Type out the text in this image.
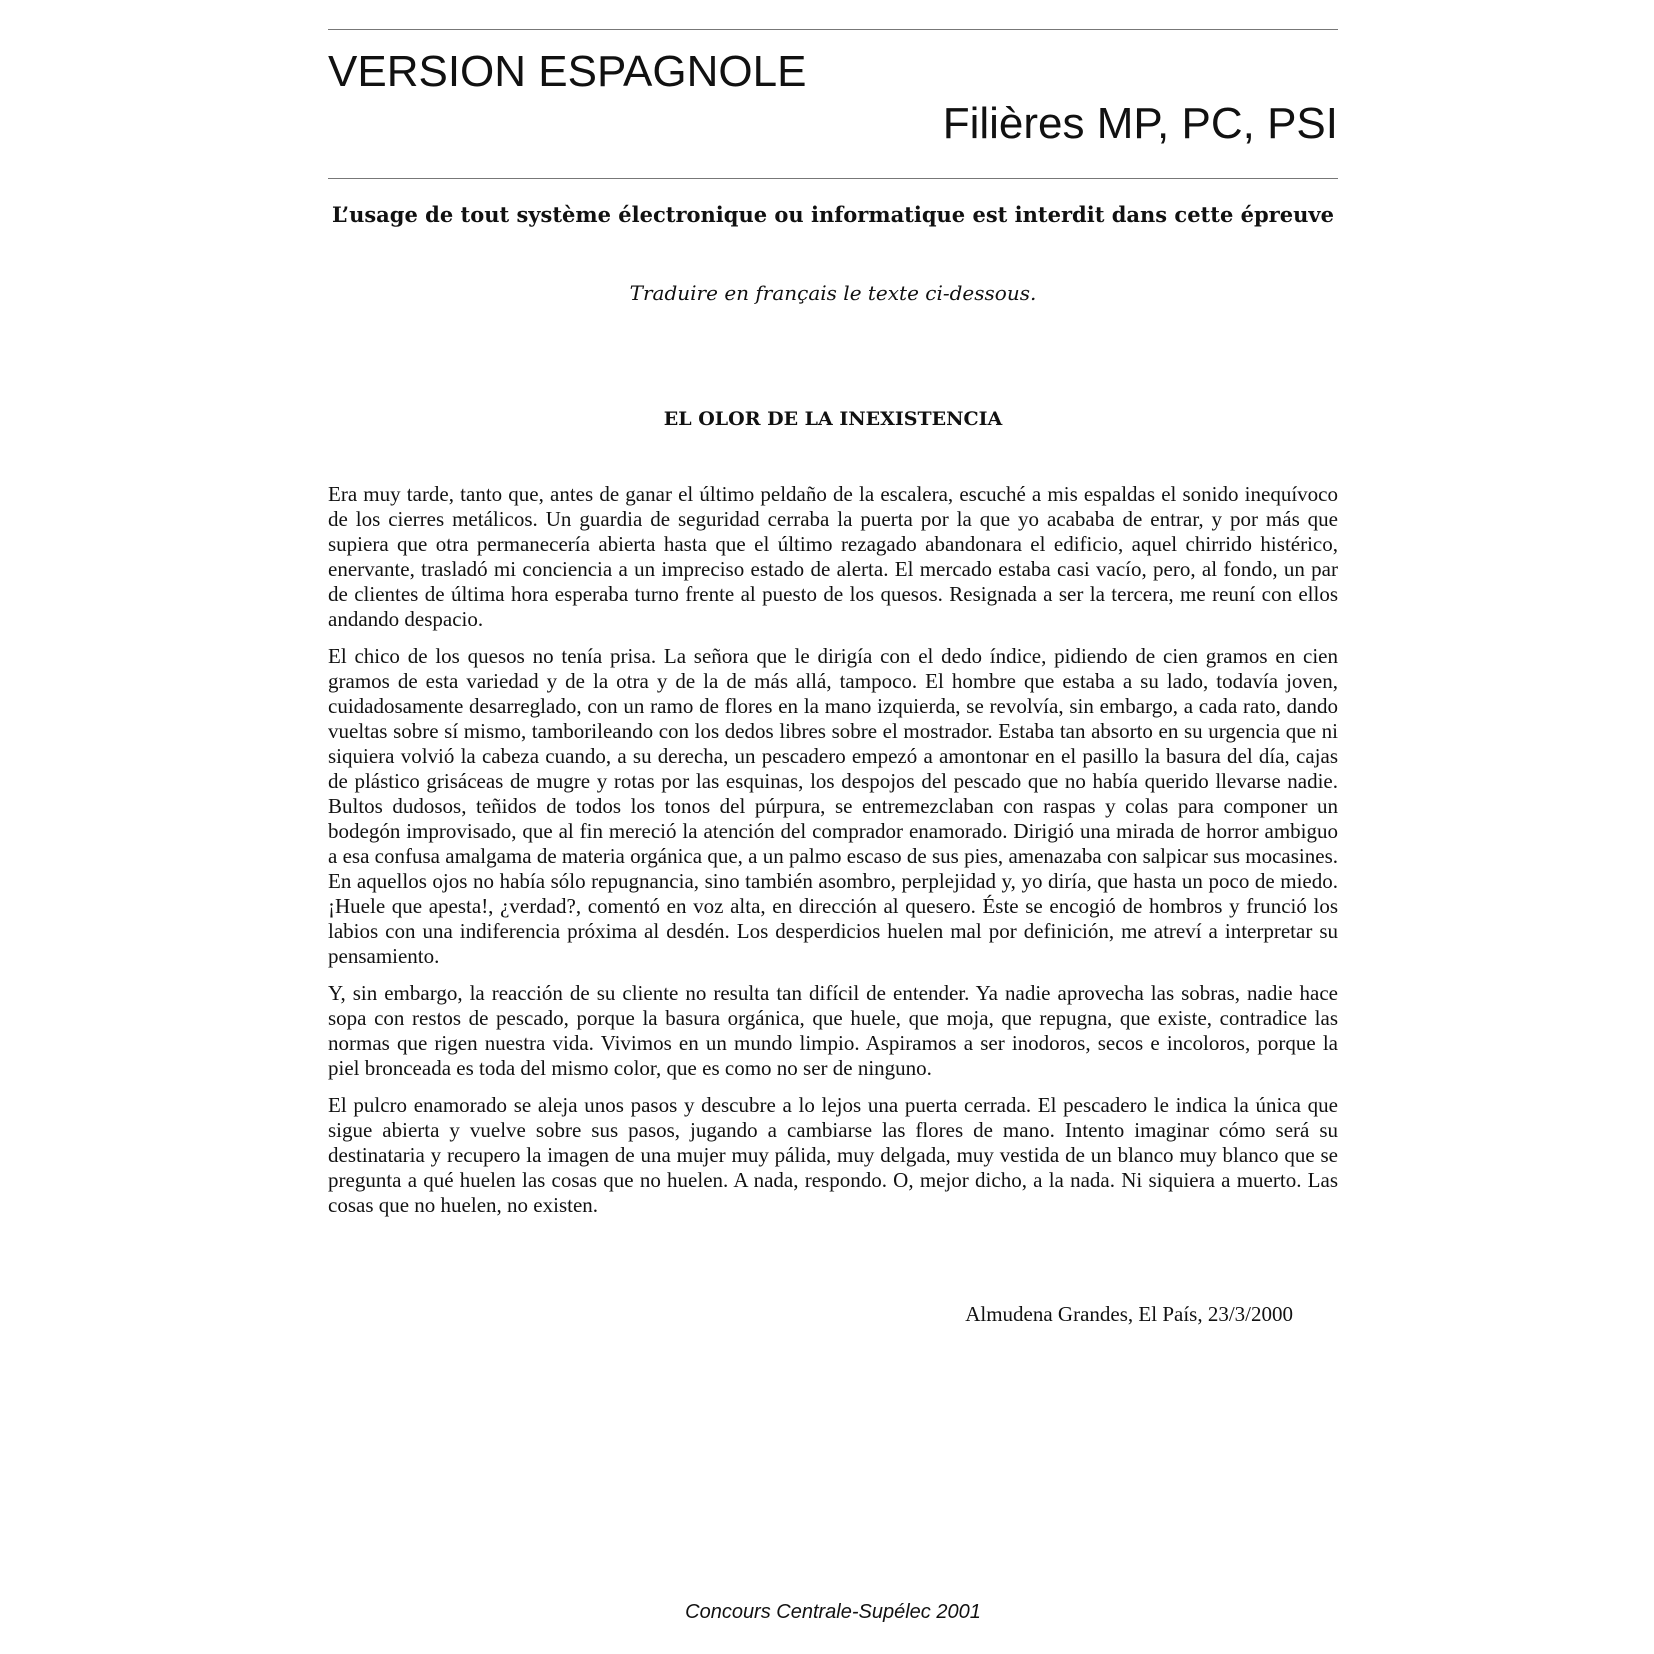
VERSION ESPAGNOLE
Filières MP, PC, PSI

L’usage de tout système électronique ou informatique est interdit dans cette épreuve

Traduire en français le texte ci-dessous.

EL OLOR DE LA INEXISTENCIA

Era muy tarde, tanto que, antes de ganar el último peldaño de la escalera, escuché a mis espaldas el sonido inequívoco de los cierres metálicos. Un guardia de seguridad cerraba la puerta por la que yo acababa de entrar, y por más que supiera que otra permanecería abierta hasta que el último rezagado abandonara el edificio, aquel chirrido histérico, enervante, trasladó mi conciencia a un impreciso estado de alerta. El mercado estaba casi vacío, pero, al fondo, un par de clientes de última hora esperaba turno frente al puesto de los quesos. Resignada a ser la tercera, me reuní con ellos andando despacio.

El chico de los quesos no tenía prisa. La señora que le dirigía con el dedo índice, pidiendo de cien gramos en cien gramos de esta variedad y de la otra y de la de más allá, tampoco. El hombre que estaba a su lado, todavía joven, cuidadosamente desarreglado, con un ramo de flores en la mano izquierda, se revolvía, sin embargo, a cada rato, dando vueltas sobre sí mismo, tamborileando con los dedos libres sobre el mostrador. Estaba tan absorto en su urgencia que ni siquiera volvió la cabeza cuando, a su derecha, un pescadero empezó a amontonar en el pasillo la basura del día, cajas de plástico grisáceas de mugre y rotas por las esquinas, los despojos del pescado que no había querido llevarse nadie. Bultos dudosos, teñidos de todos los tonos del púrpura, se entremezclaban con raspas y colas para componer un bodegón improvisado, que al fin mereció la atención del comprador enamorado. Dirigió una mirada de horror ambiguo a esa confusa amalgama de materia orgánica que, a un palmo escaso de sus pies, amenazaba con salpicar sus mocasines. En aquellos ojos no había sólo repugnancia, sino también asombro, perplejidad y, yo diría, que hasta un poco de miedo. ¡Huele que apesta!, ¿verdad?, comentó en voz alta, en dirección al quesero. Éste se encogió de hombros y frunció los labios con una indiferencia próxima al desdén. Los desperdicios huelen mal por definición, me atreví a interpretar su pensamiento.

Y, sin embargo, la reacción de su cliente no resulta tan difícil de entender. Ya nadie aprovecha las sobras, nadie hace sopa con restos de pescado, porque la basura orgánica, que huele, que moja, que repugna, que existe, contradice las normas que rigen nuestra vida. Vivimos en un mundo limpio. Aspiramos a ser inodoros, secos e incoloros, porque la piel bronceada es toda del mismo color, que es como no ser de ninguno.

El pulcro enamorado se aleja unos pasos y descubre a lo lejos una puerta cerrada. El pescadero le indica la única que sigue abierta y vuelve sobre sus pasos, jugando a cambiarse las flores de mano. Intento imaginar cómo será su destinataria y recupero la imagen de una mujer muy pálida, muy delgada, muy vestida de un blanco muy blanco que se pregunta a qué huelen las cosas que no huelen. A nada, respondo. O, mejor dicho, a la nada. Ni siquiera a muerto. Las cosas que no huelen, no existen.

Almudena Grandes, El País, 23/3/2000

Concours Centrale-Supélec 2001
